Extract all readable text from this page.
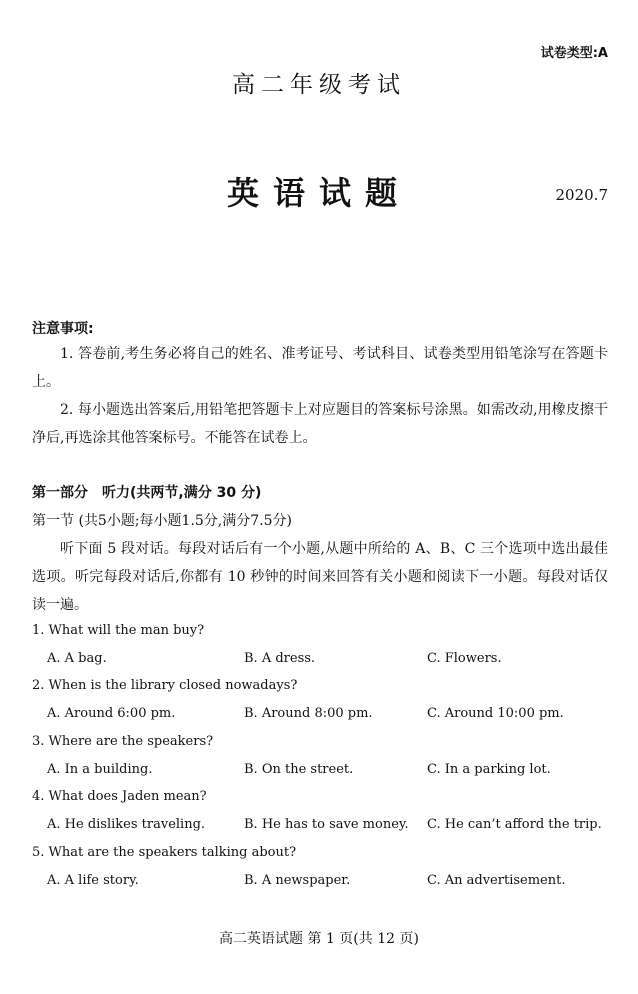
试卷类型:A
高二年级考试
英语试题	2020.7
注意事项:
1. 答卷前,考生务必将自己的姓名、准考证号、考试科目、试卷类型用铅笔涂写在答题卡上。
2. 每小题选出答案后,用铅笔把答题卡上对应题目的答案标号涂黑。如需改动,用橡皮擦干净后,再选涂其他答案标号。不能答在试卷上。
第一部分　听力(共两节,满分 30 分)
第一节 (共5小题;每小题1.5分,满分7.5分)
听下面 5 段对话。每段对话后有一个小题,从题中所给的 A、B、C 三个选项中选出最佳选项。听完每段对话后,你都有 10 秒钟的时间来回答有关小题和阅读下一小题。每段对话仅读一遍。
1. What will the man buy?
A. A bag.	B. A dress.	C. Flowers.
2. When is the library closed nowadays?
A. Around 6:00 pm.	B. Around 8:00 pm.	C. Around 10:00 pm.
3. Where are the speakers?
A. In a building.	B. On the street.	C. In a parking lot.
4. What does Jaden mean?
A. He dislikes traveling.	B. He has to save money. C. He can’t afford the trip.
5. What are the speakers talking about?
A. A life story.	B. A newspaper.	C. An advertisement.
高二英语试题 第 1 页(共 12 页)
